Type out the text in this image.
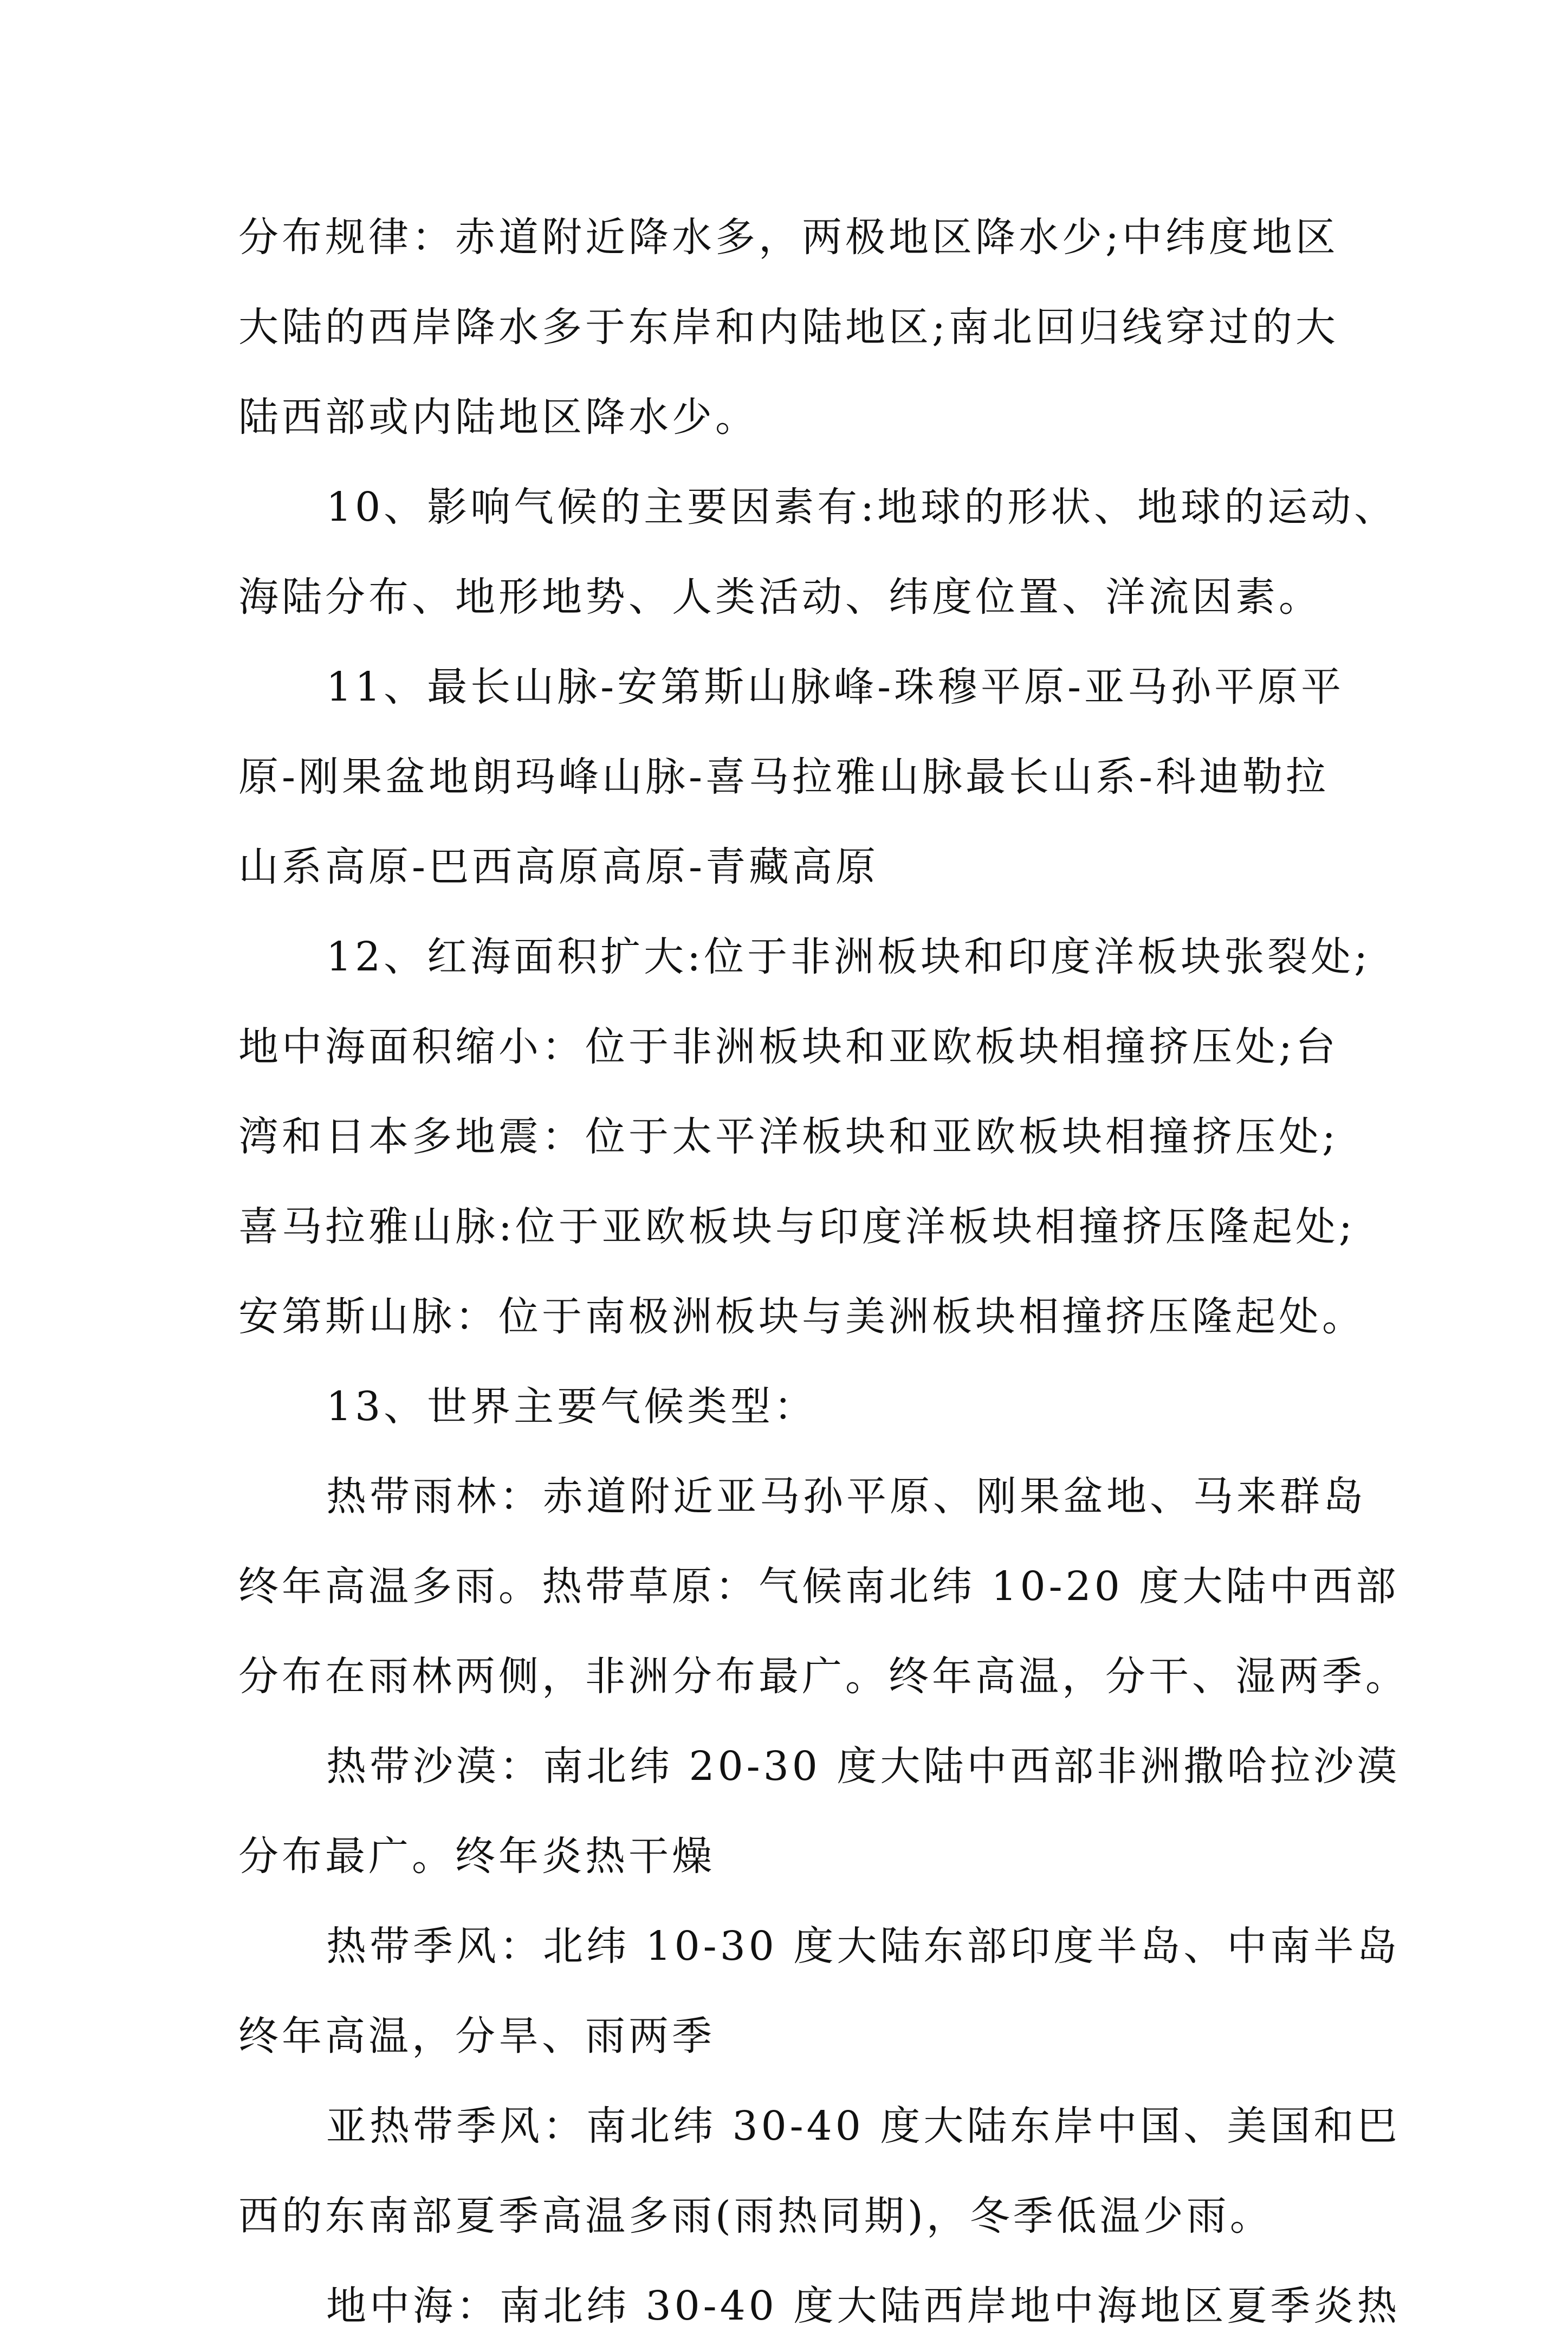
分布规律：赤道附近降水多，两极地区降水少;中纬度地区
大陆的西岸降水多于东岸和内陆地区;南北回归线穿过的大
陆西部或内陆地区降水少。
10、影响气候的主要因素有:地球的形状、地球的运动、
海陆分布、地形地势、人类活动、纬度位置、洋流因素。
11、最长山脉-安第斯山脉峰-珠穆平原-亚马孙平原平
原-刚果盆地朗玛峰山脉-喜马拉雅山脉最长山系-科迪勒拉
山系高原-巴西高原高原-青藏高原
12、红海面积扩大:位于非洲板块和印度洋板块张裂处;
地中海面积缩小：位于非洲板块和亚欧板块相撞挤压处;台
湾和日本多地震：位于太平洋板块和亚欧板块相撞挤压处;
喜马拉雅山脉:位于亚欧板块与印度洋板块相撞挤压隆起处;
安第斯山脉：位于南极洲板块与美洲板块相撞挤压隆起处。
13、世界主要气候类型：
热带雨林：赤道附近亚马孙平原、刚果盆地、马来群岛
终年高温多雨。热带草原：气候南北纬 10-20 度大陆中西部
分布在雨林两侧，非洲分布最广。终年高温，分干、湿两季。
热带沙漠：南北纬 20-30 度大陆中西部非洲撒哈拉沙漠
分布最广。终年炎热干燥
热带季风：北纬 10-30 度大陆东部印度半岛、中南半岛
终年高温，分旱、雨两季
亚热带季风：南北纬 30-40 度大陆东岸中国、美国和巴
西的东南部夏季高温多雨(雨热同期)，冬季低温少雨。
地中海：南北纬 30-40 度大陆西岸地中海地区夏季炎热
